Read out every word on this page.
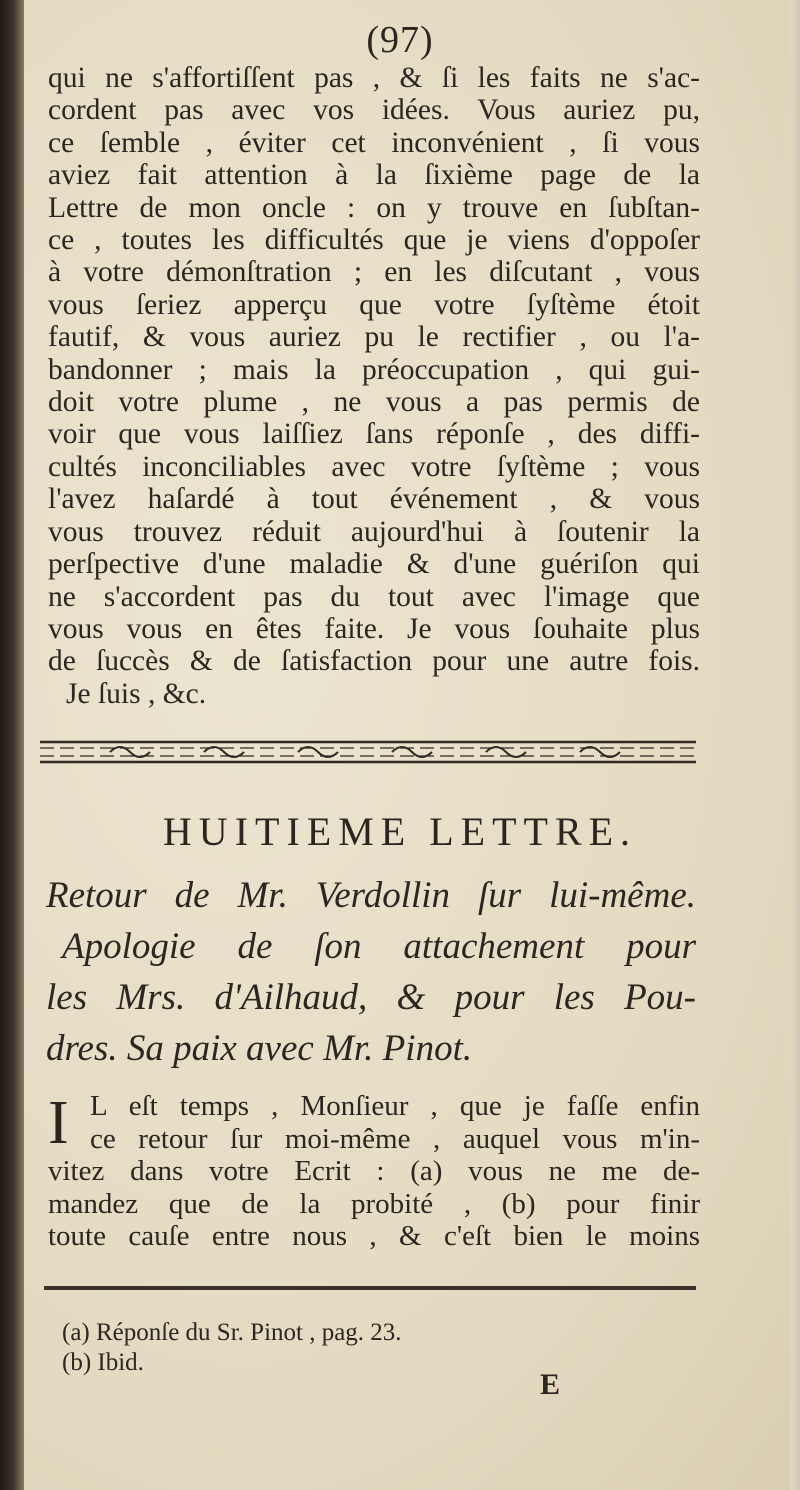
(97)
qui ne s'affortiſſent pas , & ſi les faits ne s'ac-
cordent pas avec vos idées. Vous auriez pu,
ce ſemble , éviter cet inconvénient , ſi vous
aviez fait attention à la ſixième page de la
Lettre de mon oncle : on y trouve en ſubſtan-
ce , toutes les difficultés que je viens d'oppoſer
à votre démonſtration ; en les diſcutant , vous
vous ſeriez apperçu que votre ſyſtème étoit
fautif, & vous auriez pu le rectifier , ou l'a-
bandonner ; mais la préoccupation , qui gui-
doit votre plume , ne vous a pas permis de
voir que vous laiſſiez ſans réponſe , des diffi-
cultés inconciliables avec votre ſyſtème ; vous
l'avez haſardé à tout événement , & vous
vous trouvez réduit aujourd'hui à ſoutenir la
perſpective d'une maladie & d'une guériſon qui
ne s'accordent pas du tout avec l'image que
vous vous en êtes faite. Je vous ſouhaite plus
de ſuccès & de ſatisfaction pour une autre fois.
Je ſuis , &c.
HUITIEME LETTRE.
Retour de Mr. Verdollin ſur lui-même.
Apologie de ſon attachement pour
les Mrs. d'Ailhaud, & pour les Pou-
dres. Sa paix avec Mr. Pinot.
I L eſt temps , Monſieur , que je faſſe enfin
ce retour ſur moi-même , auquel vous m'in-
vitez dans votre Ecrit : (a) vous ne me de-
mandez que de la probité , (b) pour finir
toute cauſe entre nous , & c'eſt bien le moins
(a) Réponſe du Sr. Pinot , pag. 23.
(b) Ibid.
E
